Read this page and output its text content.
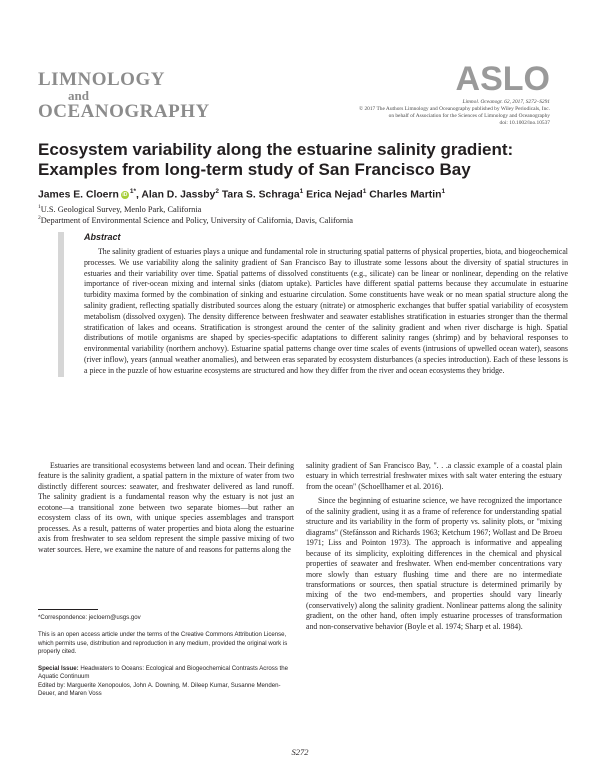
LIMNOLOGY
and
OCEANOGRAPHY
ASLO
Limnol. Oceanogr. 62, 2017, S272–S291
© 2017 The Authors Limnology and Oceanography published by Wiley Periodicals, Inc.
on behalf of Association for the Sciences of Limnology and Oceanography
doi: 10.1002/lno.10537
Ecosystem variability along the estuarine salinity gradient: Examples from long-term study of San Francisco Bay
James E. Cloern $iD^{1*}$, Alan D. Jassby$^2$ Tara S. Schraga$^1$ Erica Nejad$^1$ Charles Martin$^1$
$^1$U.S. Geological Survey, Menlo Park, California
$^2$Department of Environmental Science and Policy, University of California, Davis, California
Abstract

The salinity gradient of estuaries plays a unique and fundamental role in structuring spatial patterns of physical properties, biota, and biogeochemical processes. We use variability along the salinity gradient of San Francisco Bay to illustrate some lessons about the diversity of spatial structures in estuaries and their variability over time. Spatial patterns of dissolved constituents (e.g., silicate) can be linear or nonlinear, depending on the relative importance of river-ocean mixing and internal sinks (diatom uptake). Particles have different spatial patterns because they accumulate in estuarine turbidity maxima formed by the combination of sinking and estuarine circulation. Some constituents have weak or no mean spatial structure along the salinity gradient, reflecting spatially distributed sources along the estuary (nitrate) or atmospheric exchanges that buffer spatial variability of ecosystem metabolism (dissolved oxygen). The density difference between freshwater and seawater establishes stratification in estuaries stronger than the thermal stratification of lakes and oceans. Stratification is strongest around the center of the salinity gradient and when river discharge is high. Spatial distributions of motile organisms are shaped by species-specific adaptations to different salinity ranges (shrimp) and by behavioral responses to environmental variability (northern anchovy). Estuarine spatial patterns change over time scales of events (intrusions of upwelled ocean water), seasons (river inflow), years (annual weather anomalies), and between eras separated by ecosystem disturbances (a species introduction). Each of these lessons is a piece in the puzzle of how estuarine ecosystems are structured and how they differ from the river and ocean ecosystems they bridge.

Estuaries are transitional ecosystems between land and ocean. Their defining feature is the salinity gradient, a spatial pattern in the mixture of water from two distinctly different sources: seawater, and freshwater delivered as land runoff. The salinity gradient is a fundamental reason why the estuary is not just an ecotone—a transitional zone between two separate biomes—but rather an ecosystem class of its own, with unique species assemblages and transport processes. As a result, patterns of water properties and biota along the estuarine axis from freshwater to sea seldom represent the simple passive mixing of two water sources. Here, we examine the nature of and reasons for patterns along the

salinity gradient of San Francisco Bay, ". . .a classic example of a coastal plain estuary in which terrestrial freshwater mixes with salt water entering the estuary from the ocean" (Schoellhamer et al. 2016).

Since the beginning of estuarine science, we have recognized the importance of the salinity gradient, using it as a frame of reference for understanding spatial structure and its variability in the form of property vs. salinity plots, or "mixing diagrams" (Stefánsson and Richards 1963; Ketchum 1967; Wollast and De Broeu 1971; Liss and Pointon 1973). The approach is informative and appealing because of its simplicity, exploiting differences in the chemical and physical properties of seawater and freshwater. When end-member concentrations vary more slowly than estuary flushing time and there are no intermediate transformations or sources, then spatial structure is determined primarily by mixing of the two end-members, and properties should vary linearly (conservatively) along the salinity gradient. Nonlinear patterns along the salinity gradient, on the other hand, often imply estuarine processes of transformation and non-conservative behavior (Boyle et al. 1974; Sharp et al. 1984).

*Correspondence: jecloern@usgs.gov

This is an open access article under the terms of the Creative Commons Attribution License, which permits use, distribution and reproduction in any medium, provided the original work is properly cited.

Special Issue: Headwaters to Oceans: Ecological and Biogeochemical Contrasts Across the Aquatic Continuum

Edited by: Marguerite Xenopoulos, John A. Downing, M. Dileep Kumar, Susanne Menden-Deuer, and Maren Voss

S272
